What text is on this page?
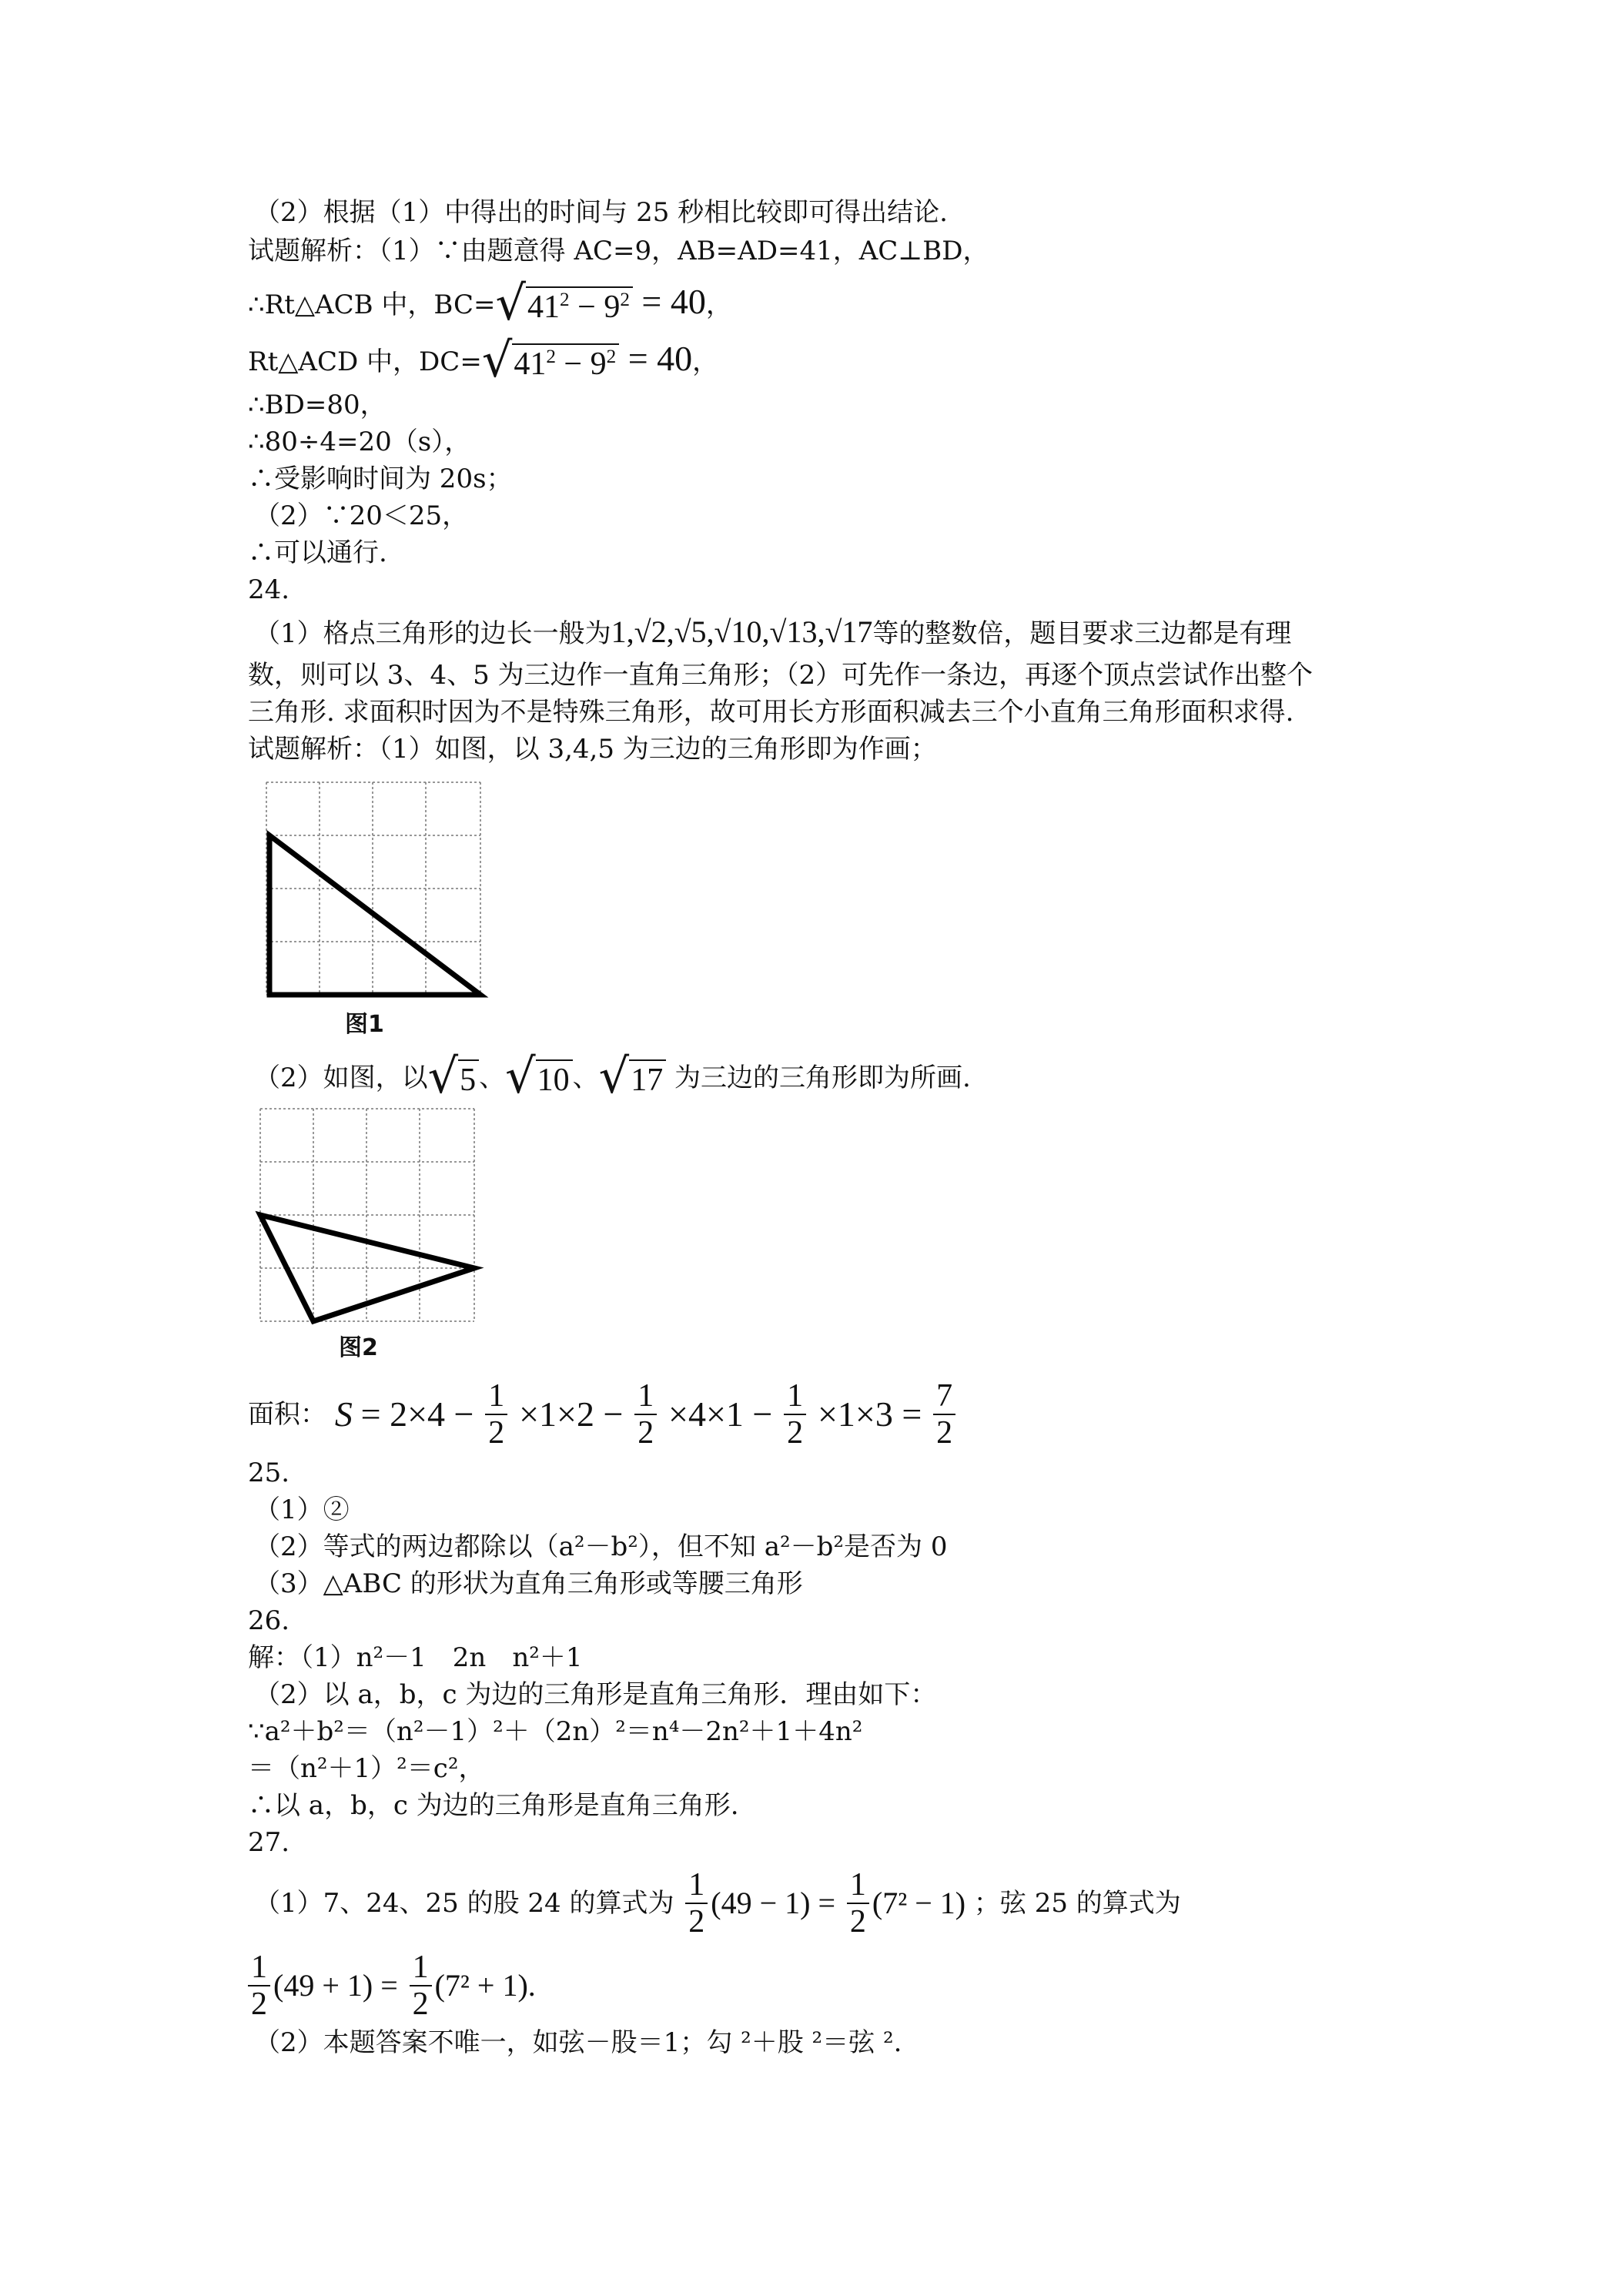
（2）根据（1）中得出的时间与 25 秒相比较即可得出结论.
试题解析：（1）∵由题意得 AC=9，AB=AD=41，AC⊥BD，
∴Rt△ACB 中，BC= √ $41^2 - 9^2 = 40$，
Rt△ACD 中，DC= √ $41^2 - 9^2 = 40$，
∴BD=80，
∴80÷4=20（s），
∴受影响时间为 20s；
（2）∵20＜25，
∴可以通行.
24.
（1）格点三角形的边长一般为1,√2,√5,√10,√13,√17等的整数倍，题目要求三边都是有理
数，则可以 3、4、5 为三边作一直角三角形；（2）可先作一条边，再逐个顶点尝试作出整个
三角形. 求面积时因为不是特殊三角形，故可用长方形面积减去三个小直角三角形面积求得.
试题解析：（1）如图，以 3,4,5 为三边的三角形即为作画；
图1
（2）如图，以 √ 5 、 √ 10 、 √ 17 为三边的三角形即为所画.
图2
面积： $S = 2\times 4 - \frac{1}{2} \times 1\times 2 - \frac{1}{2} \times 4\times 1 - \frac{1}{2} \times 1\times 3 = \frac{7}{2}$
25.
（1）②
（2）等式的两边都除以（a²－b²），但不知 a²－b²是否为 0
（3）△ABC 的形状为直角三角形或等腰三角形
26.
解：（1）n²－1　2n　n²＋1
（2）以 a，b，c 为边的三角形是直角三角形．理由如下：
∵a²＋b²＝（n²－1）²＋（2n）²＝n⁴－2n²＋1＋4n²
＝（n²＋1）²＝c²，
∴以 a，b，c 为边的三角形是直角三角形.
27.
（1）7、24、25 的股 24 的算式为 $\frac{1}{2} (49 - 1) = \frac{1}{2} (7^2 - 1)$ ；弦 25 的算式为
$\frac{1}{2} (49 + 1) = \frac{1}{2} (7^2 + 1)$.
（2）本题答案不唯一，如弦－股＝1；勾 ²＋股 ²＝弦 ².
